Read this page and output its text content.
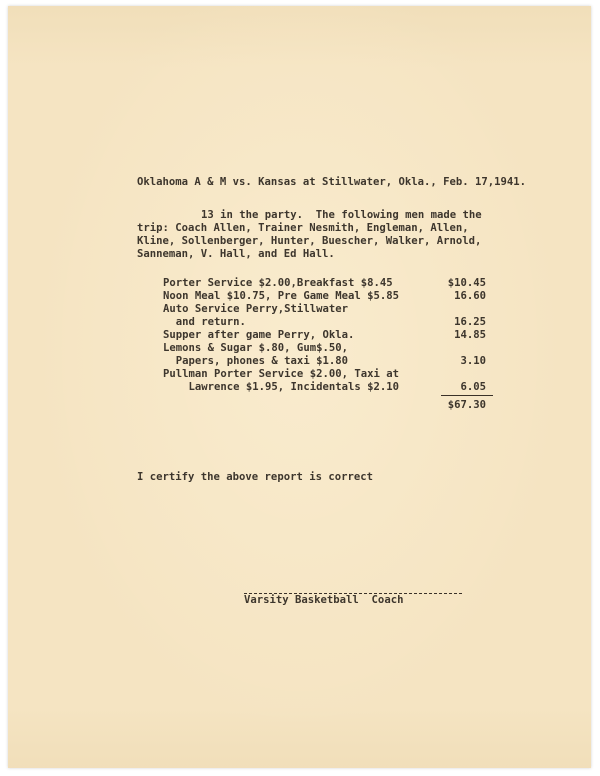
Oklahoma A & M vs. Kansas at Stillwater, Okla., Feb. 17,1941.
13 in the party.  The following men made the
trip: Coach Allen, Trainer Nesmith, Engleman, Allen,
Kline, Sollenberger, Hunter, Buescher, Walker, Arnold,
Sanneman, V. Hall, and Ed Hall.
Porter Service $2.00,Breakfast $8.45	$10.45
Noon Meal $10.75, Pre Game Meal $5.85	16.60
Auto Service Perry,Stillwater
and return.	16.25
Supper after game Perry, Okla.	14.85
Lemons & Sugar $.80, Gum$.50,
Papers, phones & taxi $1.80	3.10
Pullman Porter Service $2.00, Taxi at
Lawrence $1.95, Incidentals $2.10	6.05
$67.30
I certify the above report is correct
Varsity Basketball  Coach
